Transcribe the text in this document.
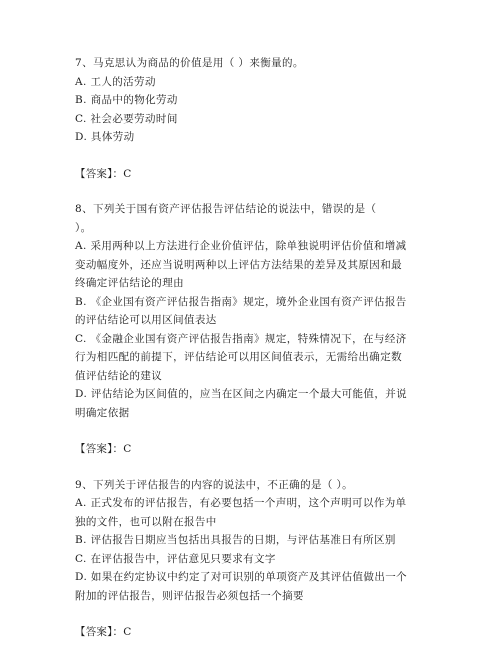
7、马克思认为商品的价值是用（ ）来衡量的。
A. 工人的活劳动
B. 商品中的物化劳动
C. 社会必要劳动时间
D. 具体劳动
【答案】：C
8、下列关于国有资产评估报告评估结论的说法中，错误的是（
）。
A. 采用两种以上方法进行企业价值评估，除单独说明评估价值和增减
变动幅度外，还应当说明两种以上评估方法结果的差异及其原因和最
终确定评估结论的理由
B. 《企业国有资产评估报告指南》规定，境外企业国有资产评估报告
的评估结论可以用区间值表达
C. 《金融企业国有资产评估报告指南》规定，特殊情况下，在与经济
行为相匹配的前提下，评估结论可以用区间值表示，无需给出确定数
值评估结论的建议
D. 评估结论为区间值的，应当在区间之内确定一个最大可能值，并说
明确定依据
【答案】：C
9、下列关于评估报告的内容的说法中，不正确的是（ ）。
A. 正式发布的评估报告，有必要包括一个声明，这个声明可以作为单
独的文件，也可以附在报告中
B. 评估报告日期应当包括出具报告的日期，与评估基准日有所区别
C. 在评估报告中，评估意见只要求有文字
D. 如果在约定协议中约定了对可识别的单项资产及其评估值做出一个
附加的评估报告，则评估报告必须包括一个摘要
【答案】：C
